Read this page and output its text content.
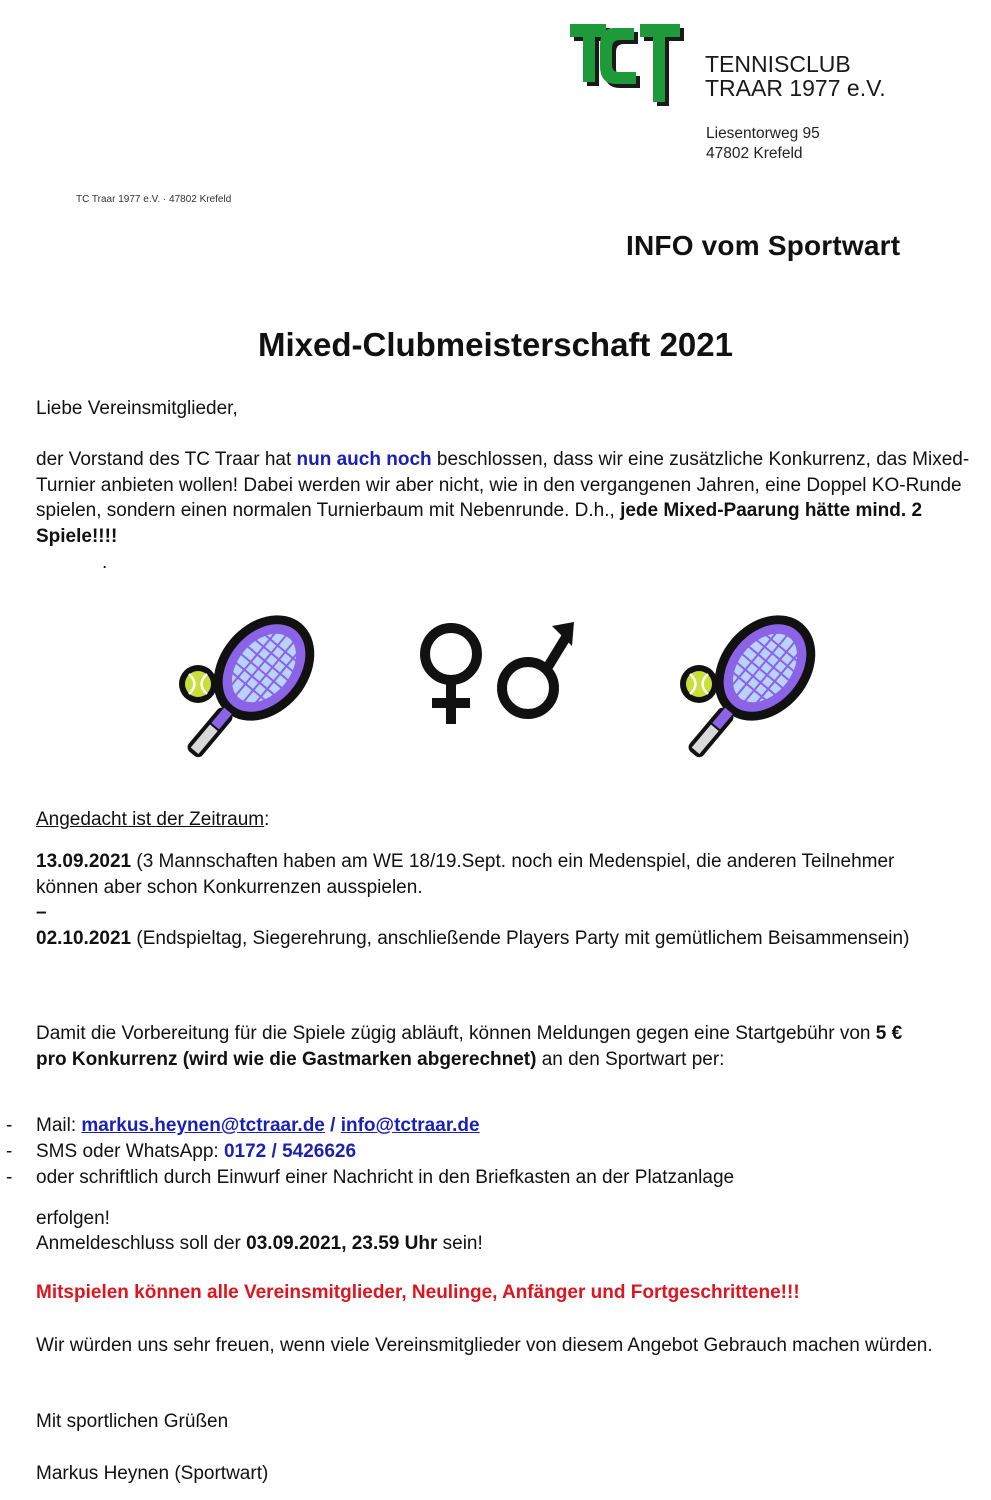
TENNISCLUB
TRAAR 1977 e.V.
Liesentorweg 95
47802 Krefeld
TC Traar 1977 e.V. · 47802 Krefeld
INFO vom Sportwart
Mixed-Clubmeisterschaft 2021
Liebe Vereinsmitglieder,
der Vorstand des TC Traar hat nun auch noch beschlossen, dass wir eine zusätzliche Konkurrenz, das Mixed-Turnier anbieten wollen! Dabei werden wir aber nicht, wie in den vergangenen Jahren, eine Doppel KO-Runde spielen, sondern einen normalen Turnierbaum mit Nebenrunde. D.h., jede Mixed-Paarung hätte mind. 2 Spiele!!!!
.
Angedacht ist der Zeitraum:
13.09.2021 (3 Mannschaften haben am WE 18/19.Sept. noch ein Medenspiel, die anderen Teilnehmer können aber schon Konkurrenzen ausspielen.
–
02.10.2021 (Endspieltag, Siegerehrung, anschließende Players Party mit gemütlichem Beisammensein)
Damit die Vorbereitung für die Spiele zügig abläuft, können Meldungen gegen eine Startgebühr von 5 € pro Konkurrenz (wird wie die Gastmarken abgerechnet) an den Sportwart per:
- Mail: markus.heynen@tctraar.de / info@tctraar.de
- SMS oder WhatsApp: 0172 / 5426626
- oder schriftlich durch Einwurf einer Nachricht in den Briefkasten an der Platzanlage
erfolgen!
Anmeldeschluss soll der 03.09.2021, 23.59 Uhr sein!
Mitspielen können alle Vereinsmitglieder, Neulinge, Anfänger und Fortgeschrittene!!!
Wir würden uns sehr freuen, wenn viele Vereinsmitglieder von diesem Angebot Gebrauch machen würden.
Mit sportlichen Grüßen
Markus Heynen (Sportwart)
